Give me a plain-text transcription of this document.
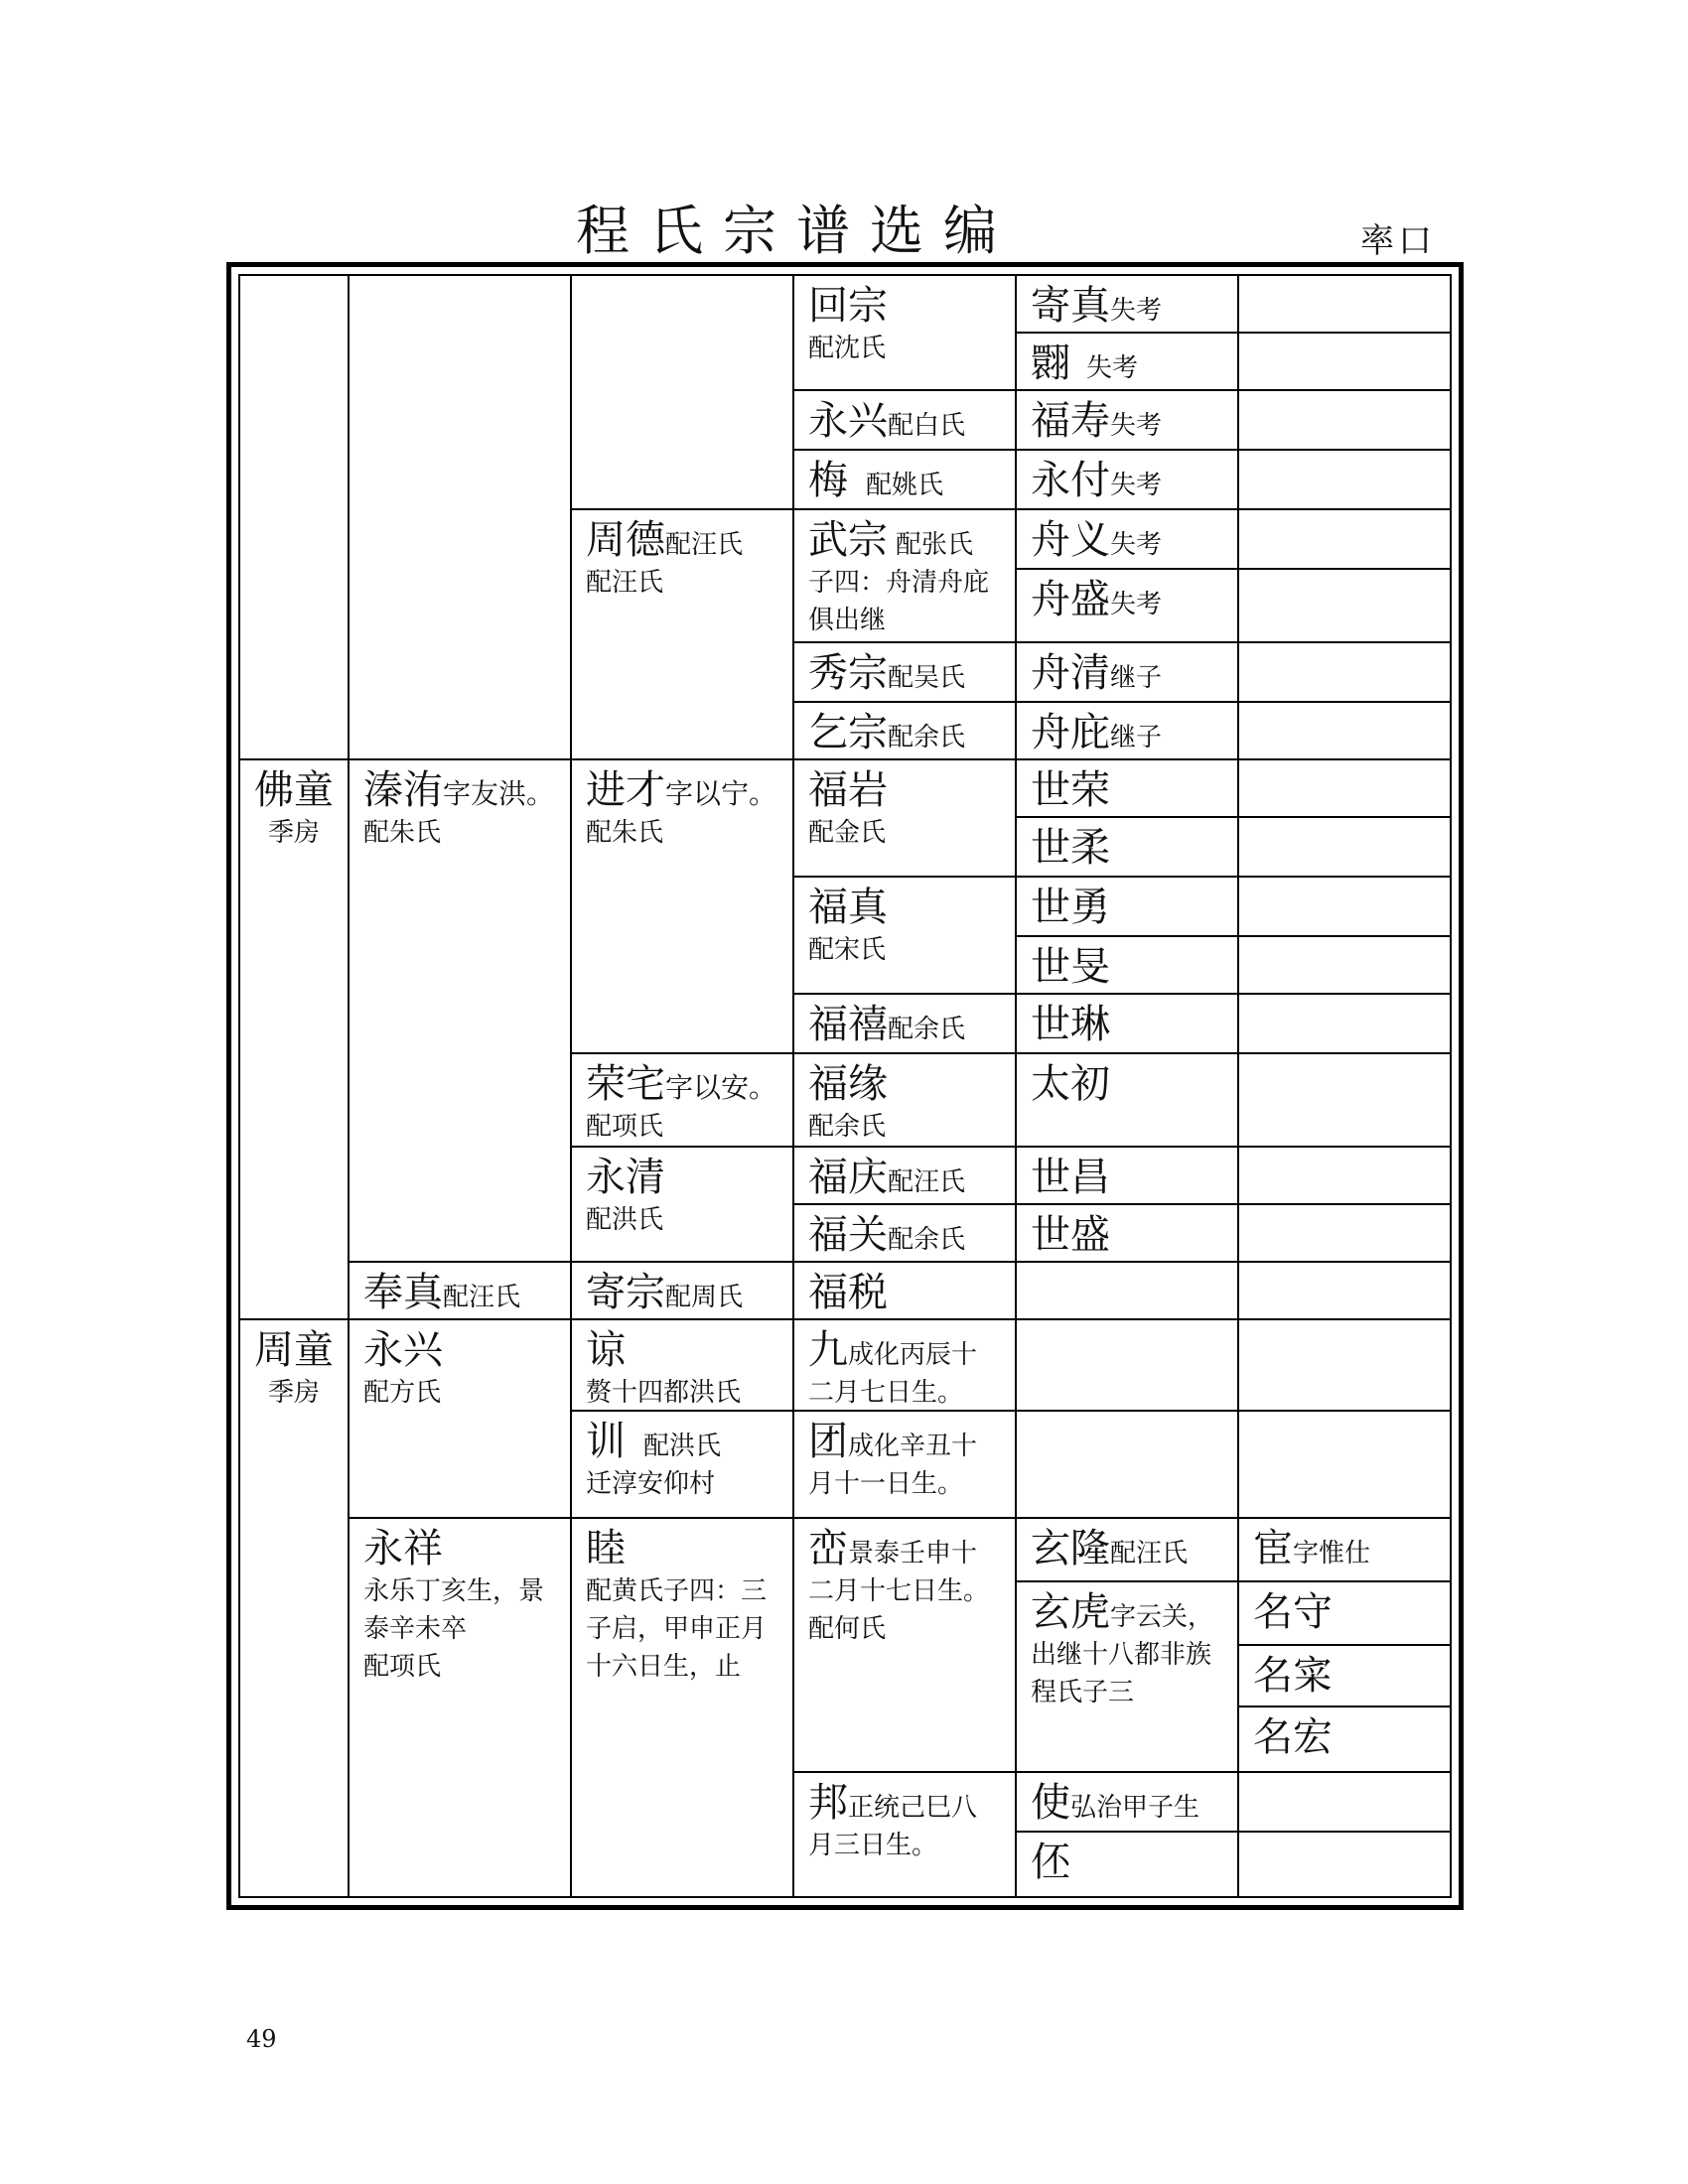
程氏宗谱选编	率口
佛童
季房
周童
季房
溱洧字友洪。
配朱氏
奉真配汪氏
永兴
配方氏
永祥
永乐丁亥生，景泰辛未卒
配项氏
周德配汪氏
配汪氏
进才字以宁。
配朱氏
荣宅字以安。
配项氏
永清
配洪氏
寄宗配周氏
谅
赘十四都洪氏
训配洪氏
迁淳安仰村
睦
配黄氏子四：三子启，甲申正月十六日生，止
回宗
配沈氏
永兴配白氏
梅配姚氏
武宗 配张氏
子四：舟清舟庇俱出继
秀宗配吴氏
乞宗配余氏
福岩
配金氏
福真
配宋氏
福禧配余氏
福缘
配余氏
福庆配汪氏
福关配余氏
福税
九成化丙辰十二月七日生。
团成化辛丑十月十一日生。
峦景泰壬申十二月十七日生。
配何氏
邦正统己巳八月三日生。
寄真失考
翾失考
福寿失考
永付失考
舟义失考
舟盛失考
舟清继子
舟庇继子
世荣
世柔
世勇
世旻
世琳
太初
世昌
世盛
玄隆配汪氏
玄虎字云关，出继十八都非族程氏子三
使弘治甲子生
伾
宦字惟仕
名守
名寀
名宏
49
